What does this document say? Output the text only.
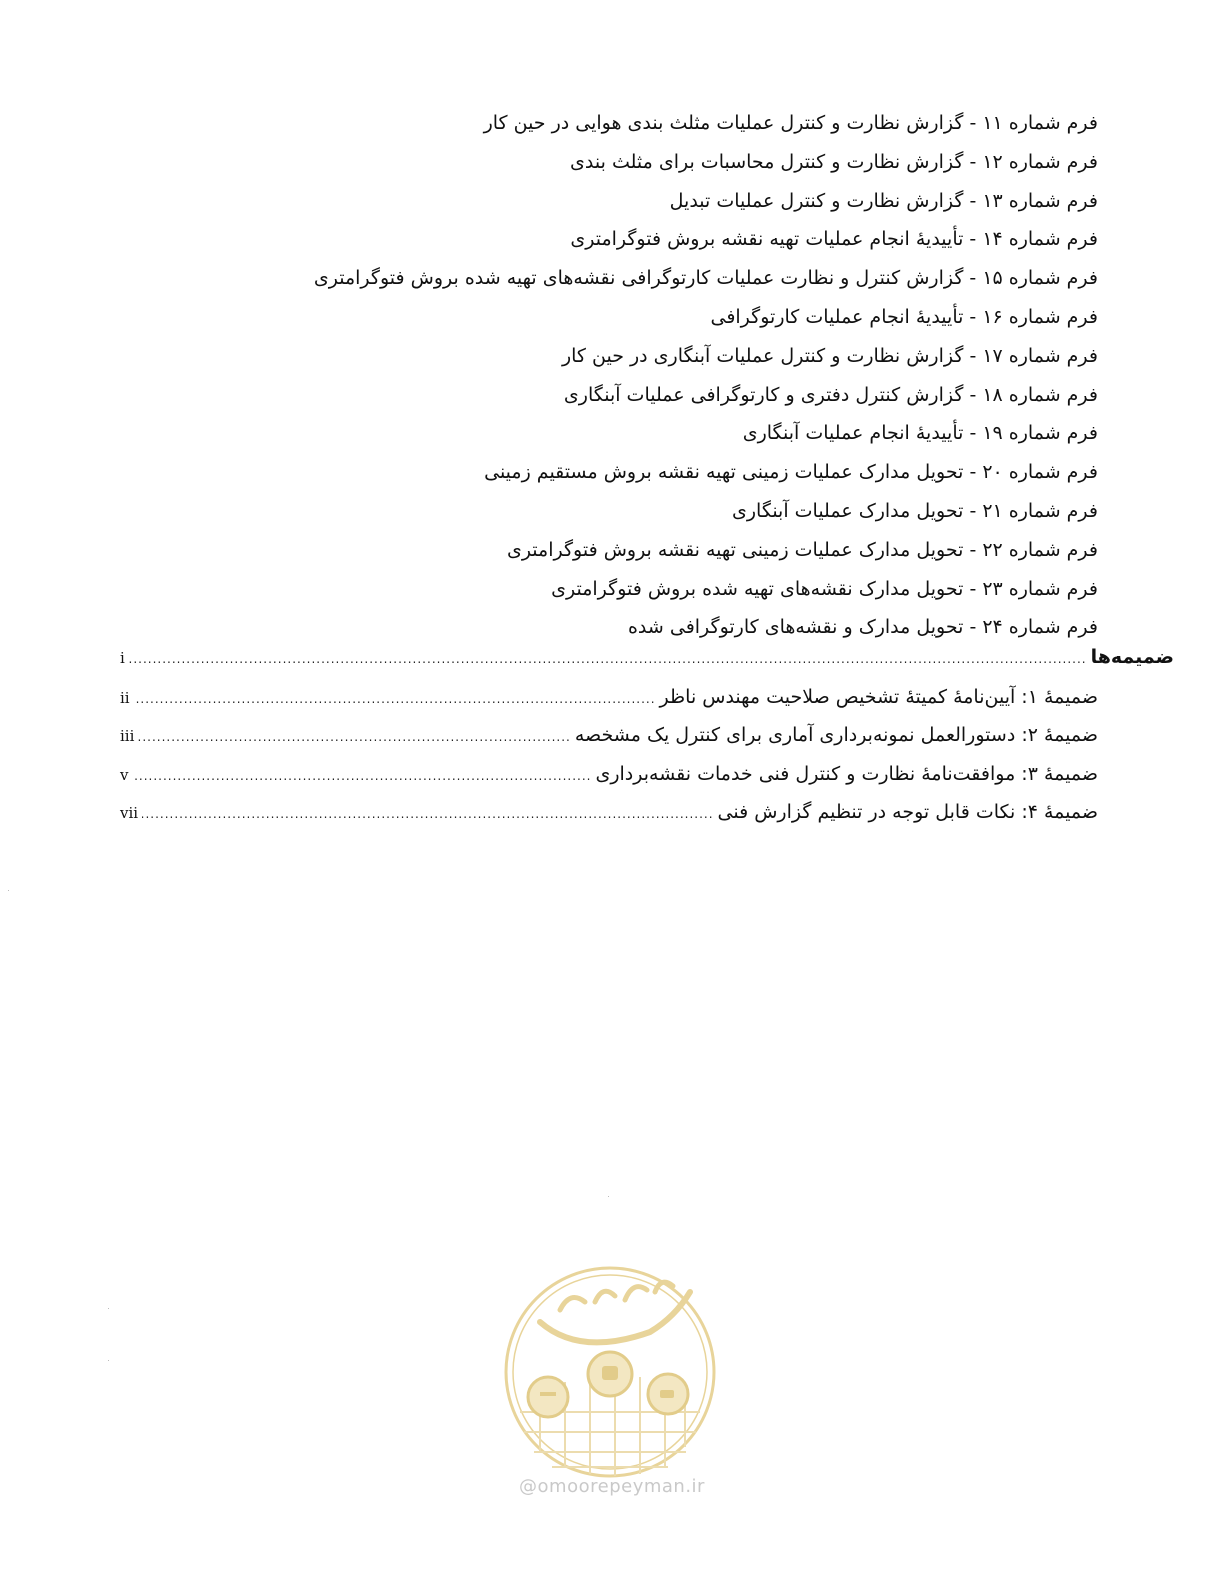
فرم شماره ۱۱ - گزارش نظارت و کنترل عملیات مثلث بندی هوایی در حین کار
فرم شماره ۱۲ - گزارش نظارت و کنترل محاسبات برای مثلث بندی
فرم شماره ۱۳ - گزارش نظارت و کنترل عملیات تبدیل
فرم شماره ۱۴ - تأییدیهٔ انجام عملیات تهیه نقشه بروش فتوگرامتری
فرم شماره ۱۵ - گزارش کنترل و نظارت عملیات کارتوگرافی نقشه‌های تهیه شده بروش فتوگرامتری
فرم شماره ۱۶ - تأییدیهٔ انجام عملیات کارتوگرافی
فرم شماره ۱۷ - گزارش نظارت و کنترل عملیات آبنگاری در حین کار
فرم شماره ۱۸ - گزارش کنترل دفتری و کارتوگرافی عملیات آبنگاری
فرم شماره ۱۹ - تأییدیهٔ انجام عملیات آبنگاری
فرم شماره ۲۰ - تحویل مدارک عملیات زمینی تهیه نقشه بروش مستقیم زمینی
فرم شماره ۲۱ - تحویل مدارک عملیات آبنگاری
فرم شماره ۲۲ - تحویل مدارک عملیات زمینی تهیه نقشه بروش فتوگرامتری
فرم شماره ۲۳ - تحویل مدارک نقشه‌های تهیه شده بروش فتوگرامتری
فرم شماره ۲۴ - تحویل مدارک و نقشه‌های کارتوگرافی شده
ضمیمه‌ها
.....
i
ضمیمهٔ ۱: آیین‌نامهٔ کمیتهٔ تشخیص صلاحیت مهندس ناظر
.....
ii
ضمیمهٔ ۲: دستورالعمل نمونه‌برداری آماری برای کنترل یک مشخصه
.....
iii
ضمیمهٔ ۳: موافقت‌نامهٔ نظارت و کنترل فنی خدمات نقشه‌برداری
.....
v
ضمیمهٔ ۴: نکات قابل توجه در تنظیم گزارش فنی
.....
vii
@omoorepeyman.ir
